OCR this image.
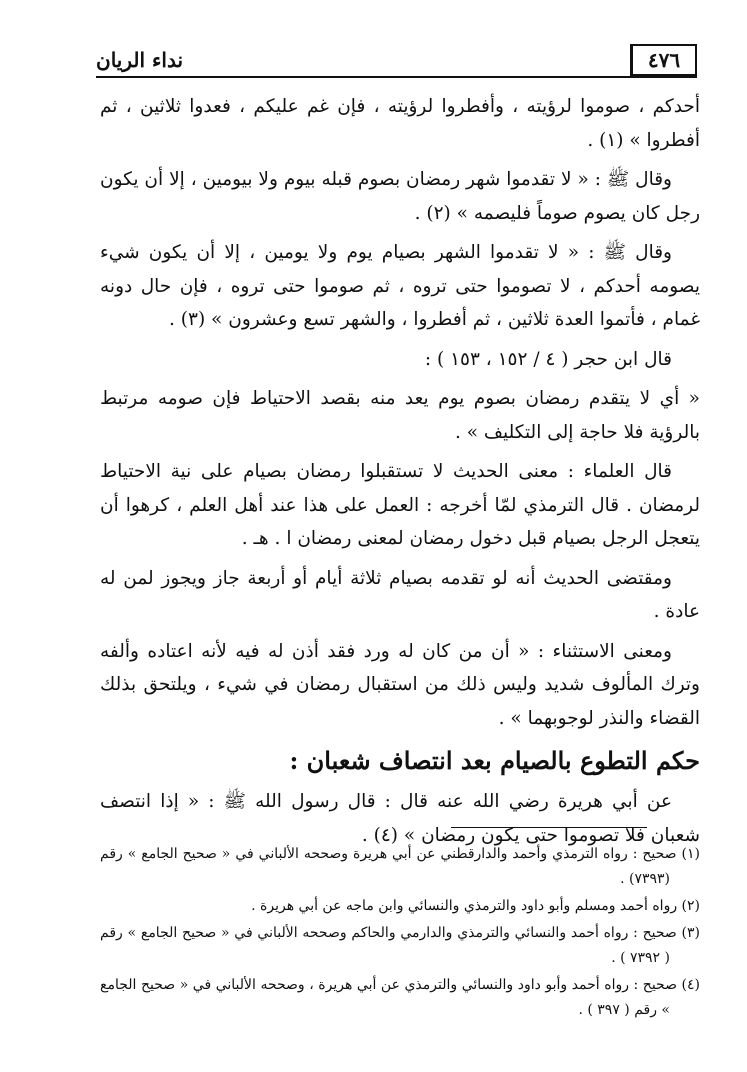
٤٧٦
نداء الريان

أحدكم ، صوموا لرؤيته ، وأفطروا لرؤيته ، فإن غم عليكم ، فعدوا ثلاثين ، ثم أفطروا » (١) .

وقال ﷺ : « لا تقدموا شهر رمضان بصوم قبله بيوم ولا بيومين ، إلا أن يكون رجل كان يصوم صوماً فليصمه » (٢) .

وقال ﷺ : « لا تقدموا الشهر بصيام يوم ولا يومين ، إلا أن يكون شيء يصومه أحدكم ، لا تصوموا حتى تروه ، ثم صوموا حتى تروه ، فإن حال دونه غمام ، فأتموا العدة ثلاثين ، ثم أفطروا ، والشهر تسع وعشرون » (٣) .

قال ابن حجر ( ٤ / ١٥٢ ، ١٥٣ ) :

« أي لا يتقدم رمضان بصوم يوم يعد منه بقصد الاحتياط فإن صومه مرتبط بالرؤية فلا حاجة إلى التكليف » .

قال العلماء : معنى الحديث لا تستقبلوا رمضان بصيام على نية الاحتياط لرمضان . قال الترمذي لمّا أخرجه : العمل على هذا عند أهل العلم ، كرهوا أن يتعجل الرجل بصيام قبل دخول رمضان لمعنى رمضان ا . هـ .

ومقتضى الحديث أنه لو تقدمه بصيام ثلاثة أيام أو أربعة جاز ويجوز لمن له عادة .

ومعنى الاستثناء : « أن من كان له ورد فقد أذن له فيه لأنه اعتاده وألفه وترك المألوف شديد وليس ذلك من استقبال رمضان في شيء ، ويلتحق بذلك القضاء والنذر لوجوبهما » .

حكم التطوع بالصيام بعد انتصاف شعبان :

عن أبي هريرة رضي الله عنه قال : قال رسول الله ﷺ : « إذا انتصف شعبان فلا تصوموا حتى يكون رمضان » (٤) .

(١) صحيح : رواه الترمذي وأحمد والدارقطني عن أبي هريرة وصححه الألباني في « صحيح الجامع » رقم (٧٣٩٣) .

(٢) رواه أحمد ومسلم وأبو داود والترمذي والنسائي وابن ماجه عن أبي هريرة .

(٣) صحيح : رواه أحمد والنسائي والترمذي والدارمي والحاكم وصححه الألباني في « صحيح الجامع » رقم ( ٧٣٩٢ ) .

(٤) صحيح : رواه أحمد وأبو داود والنسائي والترمذي عن أبي هريرة ، وصححه الألباني في « صحيح الجامع » رقم ( ٣٩٧ ) .
